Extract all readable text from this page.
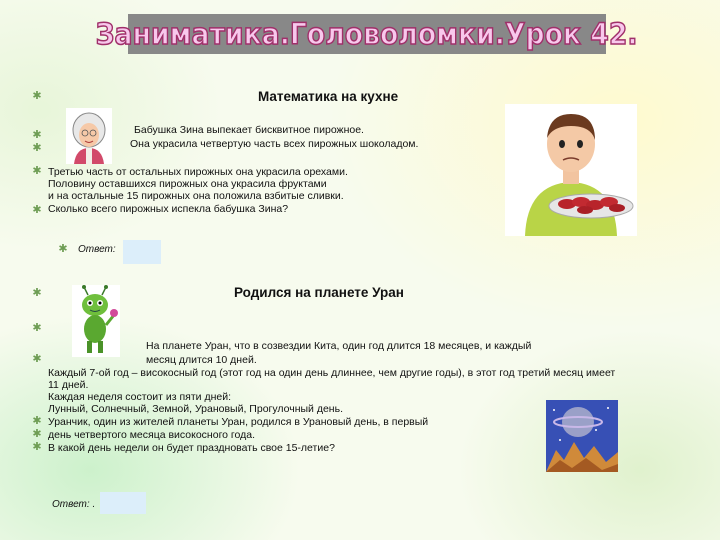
Заниматика.Головоломки.Урок 42.
✱
✱
✱
✱
✱
✱
✱
✱
✱
✱
✱
✱
Математика на кухне
Бабушка Зина выпекает бисквитное пирожное.
Она украсила четвертую часть всех пирожных шоколадом.
Третью часть от остальных пирожных она украсила орехами.
Половину оставшихся пирожных она украсила фруктами
и на остальные 15 пирожных она положила взбитые сливки.
Сколько всего пирожных испекла бабушка Зина?
Ответ:
Родился на планете Уран
На планете Уран, что в созвездии Кита, один год длится 18 месяцев, и каждый
месяц длится 10 дней.
Каждый 7-ой год – високосный год (этот год на один день длиннее, чем другие годы), в этот год третий месяц имеет
11 дней.
Каждая неделя состоит из пяти дней:
Лунный, Солнечный, Земной, Урановый, Прогулочный день.
Уранчик, один из жителей планеты Уран, родился в Урановый день, в первый
день четвертого месяца високосного года.
В какой день недели он будет праздновать свое 15-летие?
Ответ: .
